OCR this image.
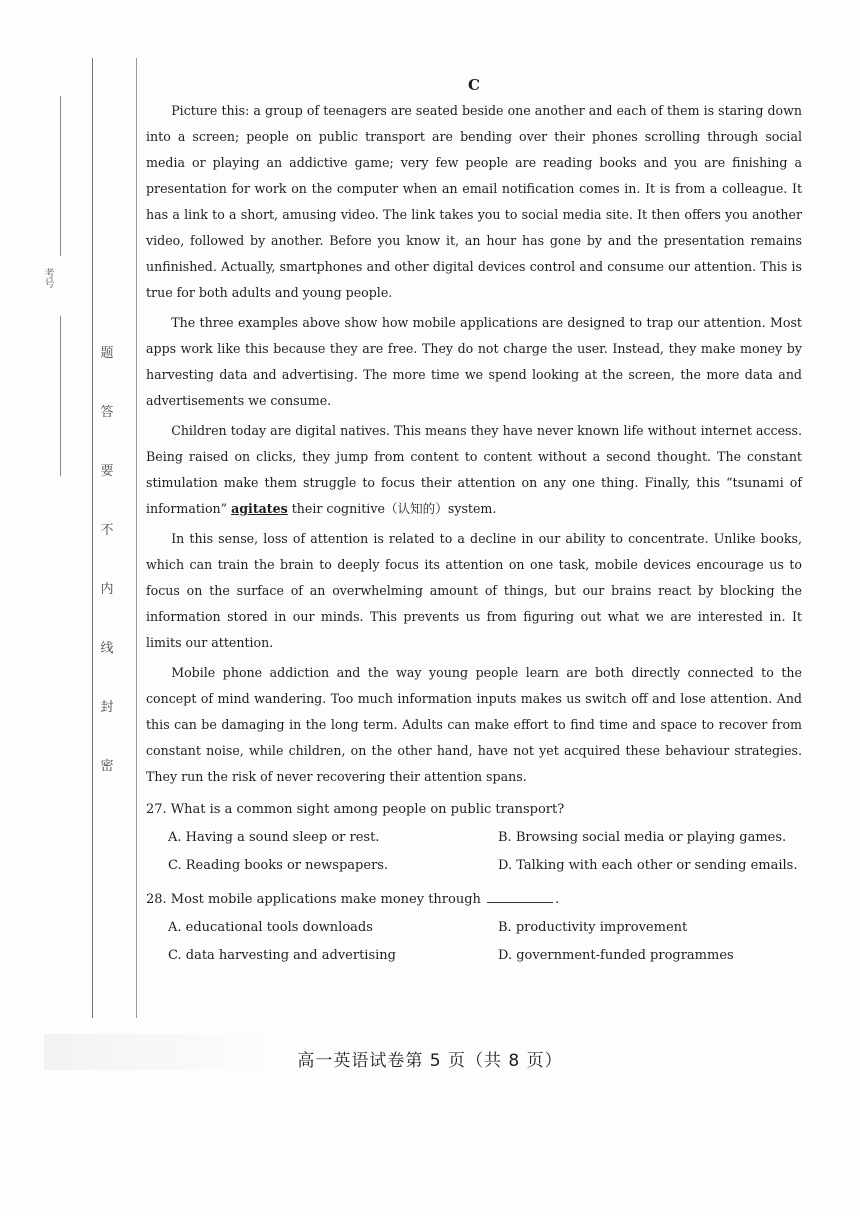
考号
题
答
要
不
内
线
封
密
C

Picture this: a group of teenagers are seated beside one another and each of them is staring down into a screen; people on public transport are bending over their phones scrolling through social media or playing an addictive game; very few people are reading books and you are finishing a presentation for work on the computer when an email notification comes in. It is from a colleague. It has a link to a short, amusing video. The link takes you to social media site. It then offers you another video, followed by another. Before you know it, an hour has gone by and the presentation remains unfinished. Actually, smartphones and other digital devices control and consume our attention. This is true for both adults and young people.

The three examples above show how mobile applications are designed to trap our attention. Most apps work like this because they are free. They do not charge the user. Instead, they make money by harvesting data and advertising. The more time we spend looking at the screen, the more data and advertisements we consume.

Children today are digital natives. This means they have never known life without internet access. Being raised on clicks, they jump from content to content without a second thought. The constant stimulation make them struggle to focus their attention on any one thing. Finally, this “tsunami of information” agitates their cognitive（认知的）system.

In this sense, loss of attention is related to a decline in our ability to concentrate. Unlike books, which can train the brain to deeply focus its attention on one task, mobile devices encourage us to focus on the surface of an overwhelming amount of things, but our brains react by blocking the information stored in our minds. This prevents us from figuring out what we are interested in. It limits our attention.

Mobile phone addiction and the way young people learn are both directly connected to the concept of mind wandering. Too much information inputs makes us switch off and lose attention. And this can be damaging in the long term. Adults can make effort to find time and space to recover from constant noise, while children, on the other hand, have not yet acquired these behaviour strategies. They run the risk of never recovering their attention spans.

27. What is a common sight among people on public transport?
A. Having a sound sleep or rest.	B. Browsing social media or playing games.
C. Reading books or newspapers.	D. Talking with each other or sending emails.
28. Most mobile applications make money through	.
A. educational tools downloads	B. productivity improvement
C. data harvesting and advertising	D. government-funded programmes
高一英语试卷第 5 页（共 8 页）
